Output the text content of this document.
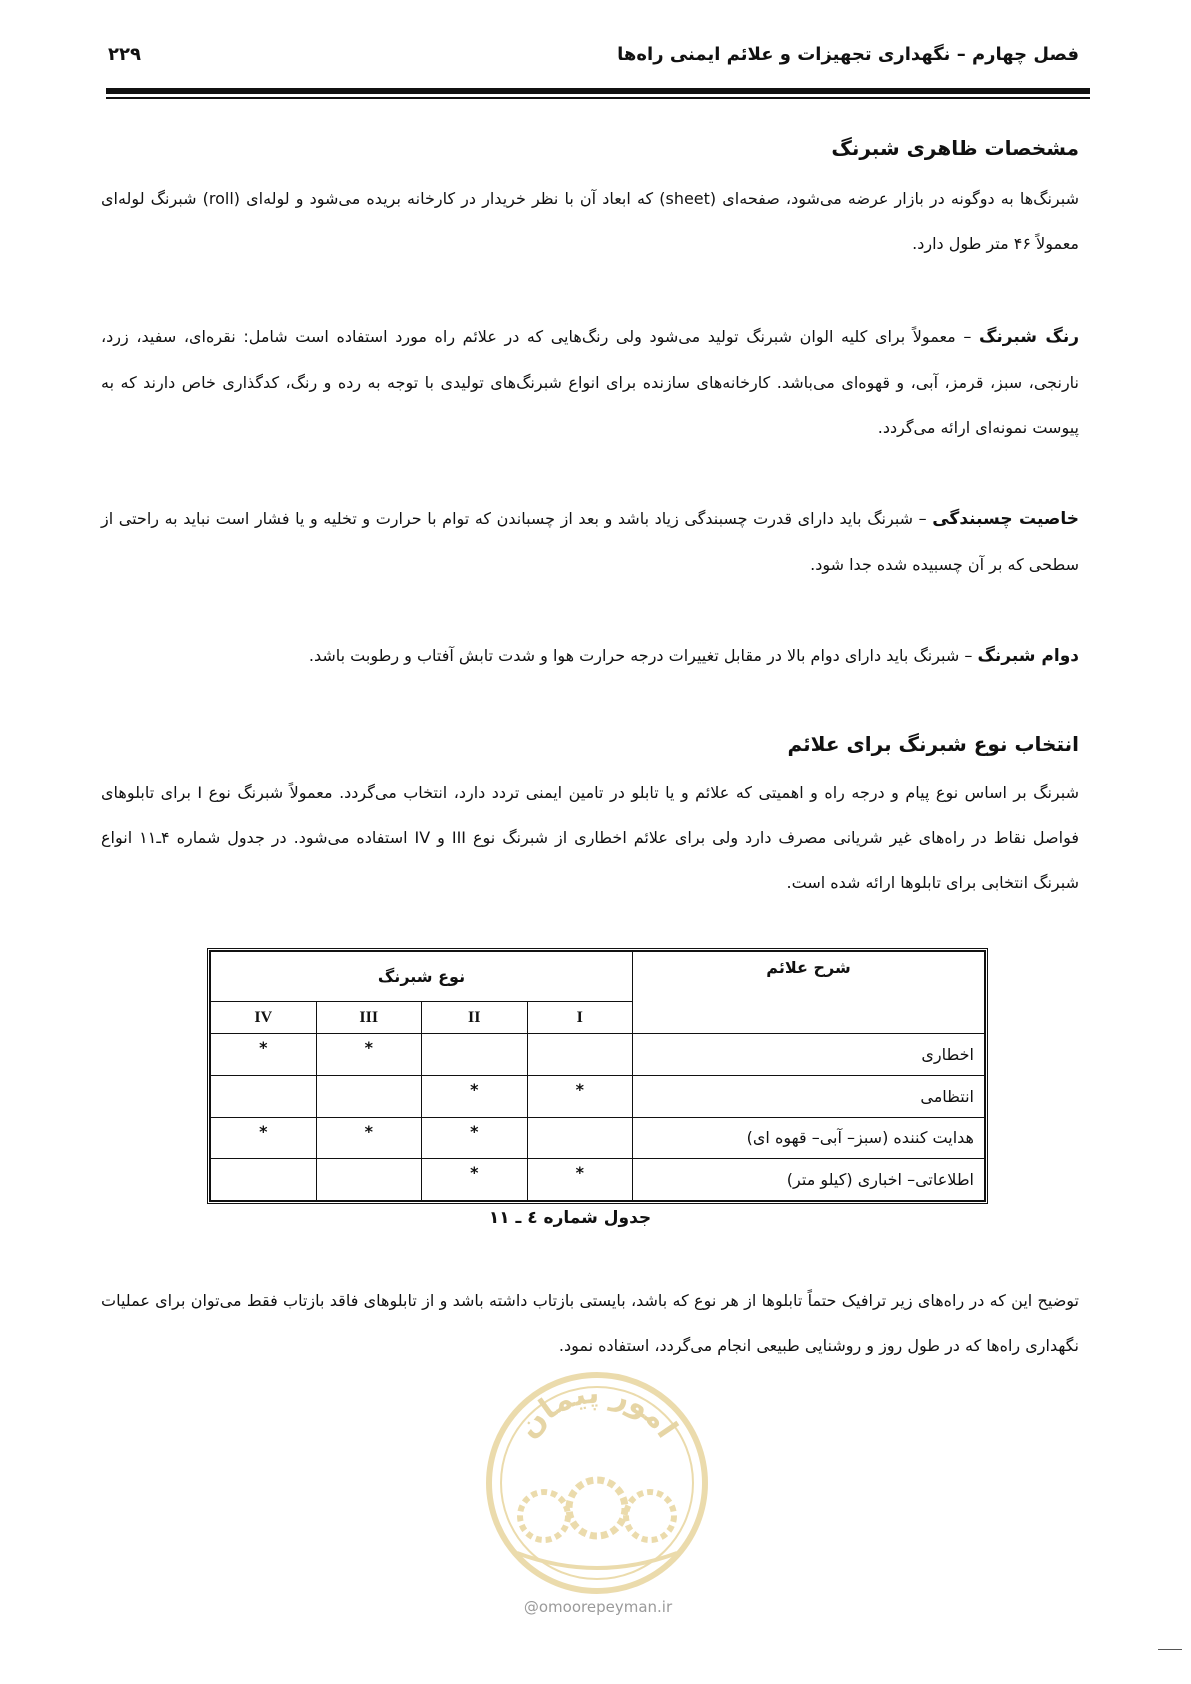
فصل چهارم – نگهداری تجهیزات و علائم ایمنی راه‌ها
۲۲۹
مشخصات ظاهری شبرنگ
شبرنگ‌ها به دوگونه در بازار عرضه می‌شود، صفحه‌ای (sheet) که ابعاد آن با نظر خریدار در کارخانه بریده می‌شود و لوله‌ای (roll) شبرنگ لوله‌ای معمولاً ۴۶ متر طول دارد.
رنگ شبرنگ – معمولاً برای کلیه الوان شبرنگ تولید می‌شود ولی رنگ‌هایی که در علائم راه مورد استفاده است شامل: نقره‌ای، سفید، زرد، نارنجی، سبز، قرمز، آبی، و قهوه‌ای می‌باشد. کارخانه‌های سازنده برای انواع شبرنگ‌های تولیدی با توجه به رده و رنگ، کدگذاری خاص دارند که به پیوست نمونه‌ای ارائه می‌گردد.
خاصیت چسبندگی – شبرنگ باید دارای قدرت چسبندگی زیاد باشد و بعد از چسباندن که توام با حرارت و تخلیه و یا فشار است نباید به راحتی از سطحی که بر آن چسبیده شده جدا شود.
دوام شبرنگ – شبرنگ باید دارای دوام بالا در مقابل تغییرات درجه حرارت هوا و شدت تابش آفتاب و رطوبت باشد.
انتخاب نوع شبرنگ برای علائم
شبرنگ بر اساس نوع پیام و درجه راه و اهمیتی که علائم و یا تابلو در تامین ایمنی تردد دارد، انتخاب می‌گردد. معمولاً شبرنگ نوع I برای تابلوهای فواصل نقاط در راه‌های غیر شریانی مصرف دارد ولی برای علائم اخطاری از شبرنگ نوع III و IV استفاده می‌شود. در جدول شماره ۴ـ۱۱ انواع شبرنگ انتخابی برای تابلوها ارائه شده است.
شرح علائم	نوع شبرنگ			
	I	II	III	IV
اخطاری			*	*
انتظامی	*	*		
هدایت کننده (سبز– آبی– قهوه ای)		*	*	*
اطلاعاتی– اخباری (کیلو متر)	*	*		
جدول شماره ٤ ـ ١١
توضیح این که در راه‌های زیر ترافیک حتماً تابلوها از هر نوع که باشد، بایستی بازتاب داشته باشد و از تابلوهای فاقد بازتاب فقط می‌توان برای عملیات نگهداری راه‌ها که در طول روز و روشنایی طبیعی انجام می‌گردد، استفاده نمود.
امور پیمان
@omoorepeyman.ir
